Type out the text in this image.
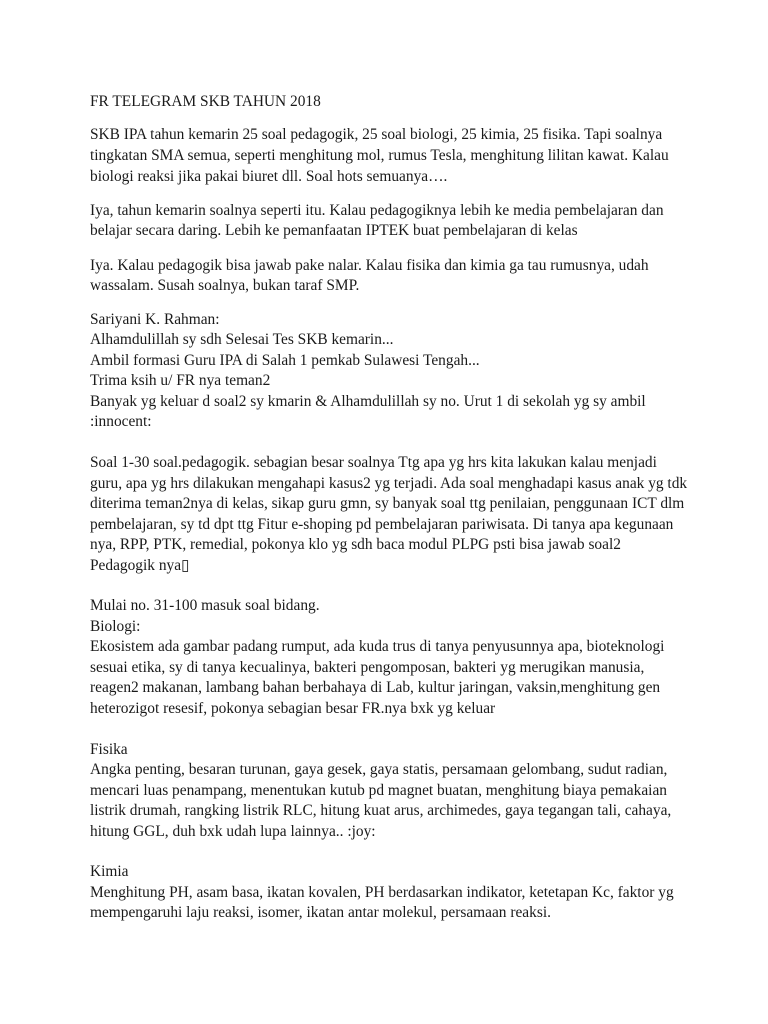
FR TELEGRAM SKB TAHUN 2018

SKB IPA tahun kemarin 25 soal pedagogik, 25 soal biologi, 25 kimia, 25 fisika. Tapi soalnya

tingkatan SMA semua, seperti menghitung mol, rumus Tesla, menghitung lilitan kawat. Kalau

biologi reaksi jika pakai biuret dll. Soal hots semuanya….

Iya, tahun kemarin soalnya seperti itu. Kalau pedagogiknya lebih ke media pembelajaran dan

belajar secara daring. Lebih ke pemanfaatan IPTEK buat pembelajaran di kelas

Iya. Kalau pedagogik bisa jawab pake nalar. Kalau fisika dan kimia ga tau rumusnya, udah

wassalam. Susah soalnya, bukan taraf SMP.

Sariyani K. Rahman:

Alhamdulillah sy sdh Selesai Tes SKB kemarin...

Ambil formasi Guru IPA di Salah 1 pemkab Sulawesi Tengah...

Trima ksih u/ FR nya teman2

Banyak yg keluar d soal2 sy kmarin & Alhamdulillah sy no. Urut 1 di sekolah yg sy ambil

:innocent:

Soal 1-30 soal.pedagogik. sebagian besar soalnya Ttg apa yg hrs kita lakukan kalau menjadi

guru, apa yg hrs dilakukan mengahapi kasus2 yg terjadi. Ada soal menghadapi kasus anak yg tdk

diterima teman2nya di kelas, sikap guru gmn, sy banyak soal ttg penilaian, penggunaan ICT dlm

pembelajaran, sy td dpt ttg Fitur e-shoping pd pembelajaran pariwisata. Di tanya apa kegunaan

nya, RPP, PTK, remedial, pokonya klo yg sdh baca modul PLPG psti bisa jawab soal2

Pedagogik nya▯

Mulai no. 31-100 masuk soal bidang.

Biologi:

Ekosistem ada gambar padang rumput, ada kuda trus di tanya penyusunnya apa, bioteknologi

sesuai etika, sy di tanya kecualinya, bakteri pengomposan, bakteri yg merugikan manusia,

reagen2 makanan, lambang bahan berbahaya di Lab, kultur jaringan, vaksin,menghitung gen

heterozigot resesif, pokonya sebagian besar FR.nya bxk yg keluar

Fisika

Angka penting, besaran turunan, gaya gesek, gaya statis, persamaan gelombang, sudut radian,

mencari luas penampang, menentukan kutub pd magnet buatan, menghitung biaya pemakaian

listrik drumah, rangking listrik RLC, hitung kuat arus, archimedes, gaya tegangan tali, cahaya,

hitung GGL, duh bxk udah lupa lainnya.. :joy:

Kimia

Menghitung PH, asam basa, ikatan kovalen, PH berdasarkan indikator, ketetapan Kc, faktor yg

mempengaruhi laju reaksi, isomer, ikatan antar molekul, persamaan reaksi.
